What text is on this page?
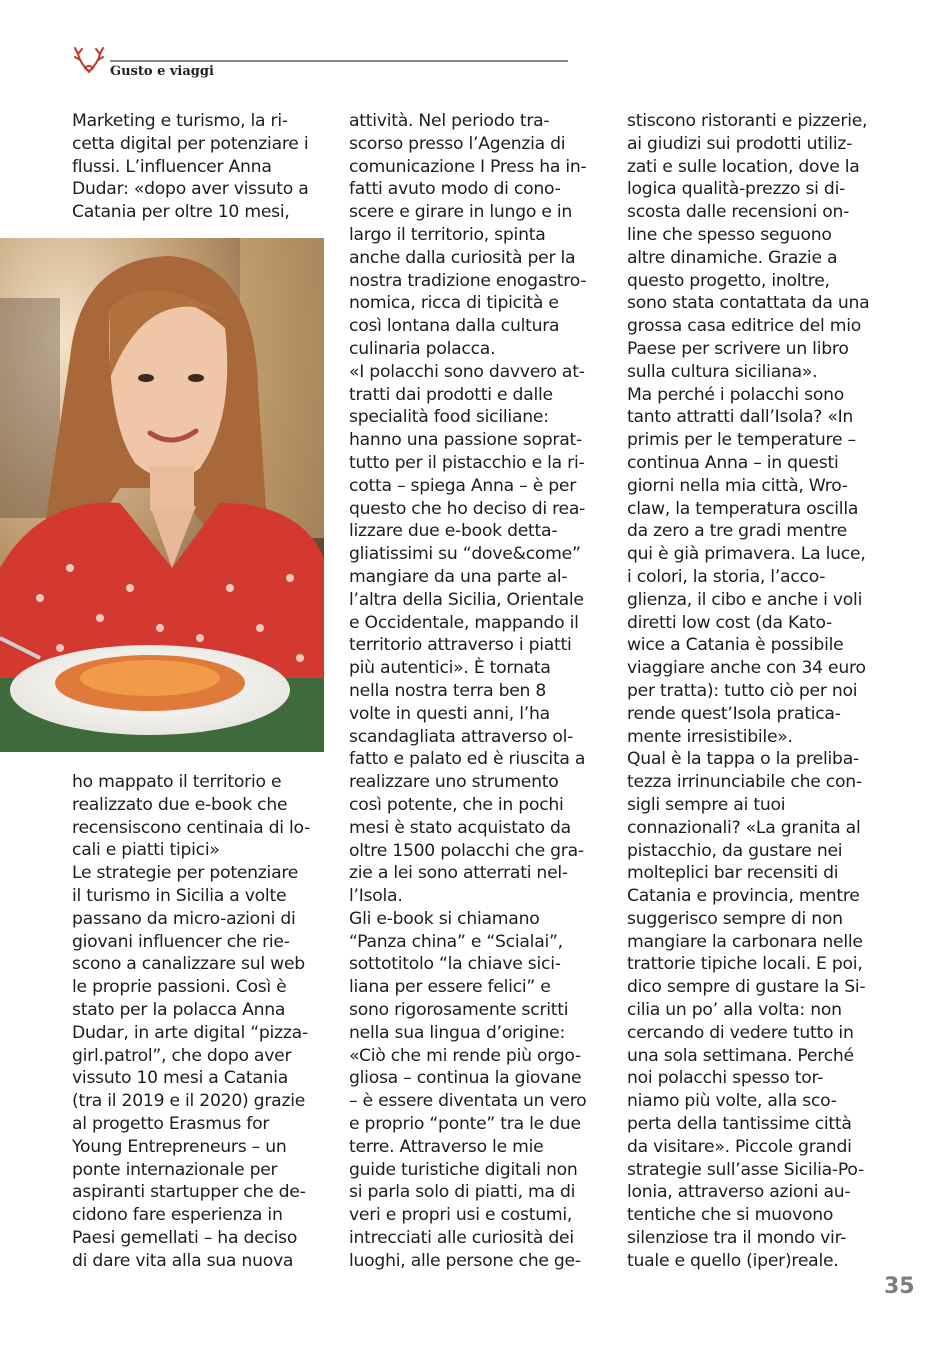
Gusto e viaggi
Marketing e turismo, la ri-
cetta digital per potenziare i
flussi. L’influencer Anna
Dudar: «dopo aver vissuto a
Catania per oltre 10 mesi,
ho mappato il territorio e
realizzato due e-book che
recensiscono centinaia di lo-
cali e piatti tipici»
Le strategie per potenziare
il turismo in Sicilia a volte
passano da micro-azioni di
giovani influencer che rie-
scono a canalizzare sul web
le proprie passioni. Così è
stato per la polacca Anna
Dudar, in arte digital “pizza-
girl.patrol”, che dopo aver
vissuto 10 mesi a Catania
(tra il 2019 e il 2020) grazie
al progetto Erasmus for
Young Entrepreneurs – un
ponte internazionale per
aspiranti startupper che de-
cidono fare esperienza in
Paesi gemellati – ha deciso
di dare vita alla sua nuova
attività. Nel periodo tra-
scorso presso l’Agenzia di
comunicazione I Press ha in-
fatti avuto modo di cono-
scere e girare in lungo e in
largo il territorio, spinta
anche dalla curiosità per la
nostra tradizione enogastro-
nomica, ricca di tipicità e
così lontana dalla cultura
culinaria polacca.
«I polacchi sono davvero at-
tratti dai prodotti e dalle
specialità food siciliane:
hanno una passione soprat-
tutto per il pistacchio e la ri-
cotta – spiega Anna – è per
questo che ho deciso di rea-
lizzare due e-book detta-
gliatissimi su “dove&come”
mangiare da una parte al-
l’altra della Sicilia, Orientale
e Occidentale, mappando il
territorio attraverso i piatti
più autentici». È tornata
nella nostra terra ben 8
volte in questi anni, l’ha
scandagliata attraverso ol-
fatto e palato ed è riuscita a
realizzare uno strumento
così potente, che in pochi
mesi è stato acquistato da
oltre 1500 polacchi che gra-
zie a lei sono atterrati nel-
l’Isola.
Gli e-book si chiamano
“Panza china” e “Scialai”,
sottotitolo “la chiave sici-
liana per essere felici” e
sono rigorosamente scritti
nella sua lingua d’origine:
«Ciò che mi rende più orgo-
gliosa – continua la giovane
– è essere diventata un vero
e proprio “ponte” tra le due
terre. Attraverso le mie
guide turistiche digitali non
si parla solo di piatti, ma di
veri e propri usi e costumi,
intrecciati alle curiosità dei
luoghi, alle persone che ge-
stiscono ristoranti e pizzerie,
ai giudizi sui prodotti utiliz-
zati e sulle location, dove la
logica qualità-prezzo si di-
scosta dalle recensioni on-
line che spesso seguono
altre dinamiche. Grazie a
questo progetto, inoltre,
sono stata contattata da una
grossa casa editrice del mio
Paese per scrivere un libro
sulla cultura siciliana».
Ma perché i polacchi sono
tanto attratti dall’Isola? «In
primis per le temperature –
continua Anna – in questi
giorni nella mia città, Wro-
claw, la temperatura oscilla
da zero a tre gradi mentre
qui è già primavera. La luce,
i colori, la storia, l’acco-
glienza, il cibo e anche i voli
diretti low cost (da Kato-
wice a Catania è possibile
viaggiare anche con 34 euro
per tratta): tutto ciò per noi
rende quest’Isola pratica-
mente irresistibile».
Qual è la tappa o la preliba-
tezza irrinunciabile che con-
sigli sempre ai tuoi
connazionali? «La granita al
pistacchio, da gustare nei
molteplici bar recensiti di
Catania e provincia, mentre
suggerisco sempre di non
mangiare la carbonara nelle
trattorie tipiche locali. E poi,
dico sempre di gustare la Si-
cilia un po’ alla volta: non
cercando di vedere tutto in
una sola settimana. Perché
noi polacchi spesso tor-
niamo più volte, alla sco-
perta della tantissime città
da visitare». Piccole grandi
strategie sull’asse Sicilia-Po-
lonia, attraverso azioni au-
tentiche che si muovono
silenziose tra il mondo vir-
tuale e quello (iper)reale.
35
